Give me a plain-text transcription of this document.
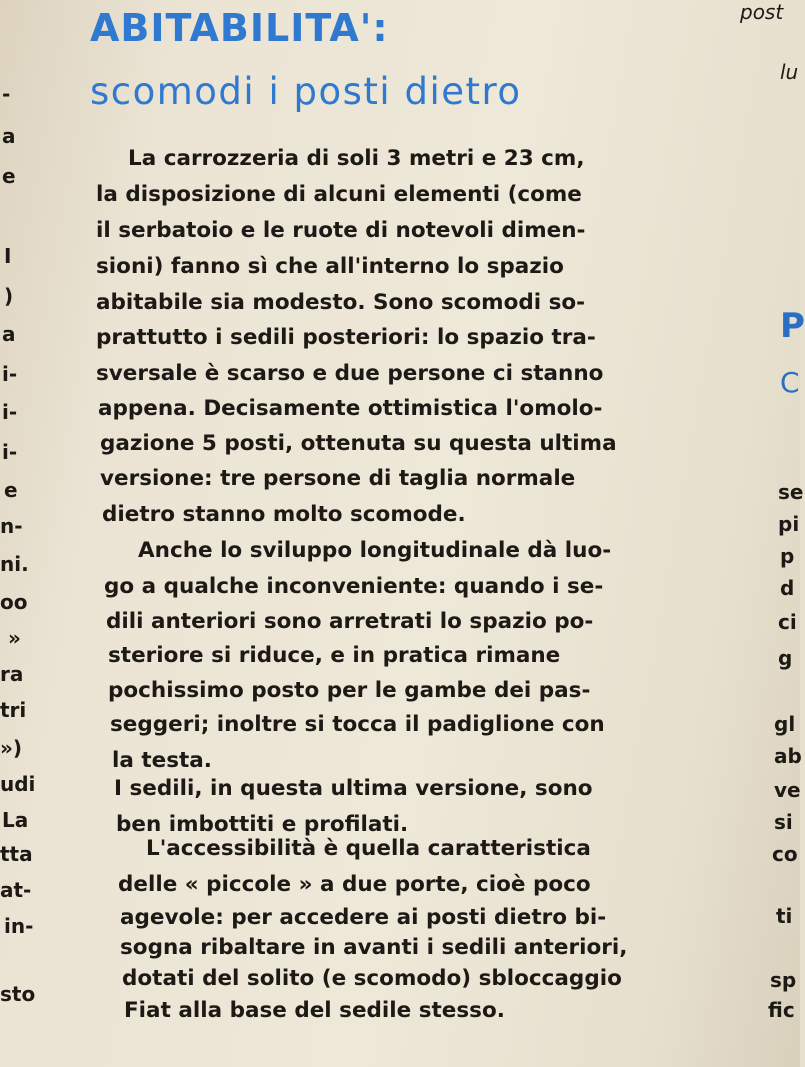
-
a
e
I
)
a
i-
i-
i-
e
n-
ni.
oo
»
ra
tri
»)
udi
La
tta
at-
in-
sto
ABITABILITA':
scomodi i posti dietro
La carrozzeria di soli 3 metri e 23 cm,
la disposizione di alcuni elementi (come
il serbatoio e le ruote di notevoli dimen-
sioni) fanno sì che all'interno lo spazio
abitabile sia modesto. Sono scomodi so-
prattutto i sedili posteriori: lo spazio tra-
sversale è scarso e due persone ci stanno
appena. Decisamente ottimistica l'omolo-
gazione 5 posti, ottenuta su questa ultima
versione: tre persone di taglia normale
dietro stanno molto scomode.
Anche lo sviluppo longitudinale dà luo-
go a qualche inconveniente: quando i se-
dili anteriori sono arretrati lo spazio po-
steriore si riduce, e in pratica rimane
pochissimo posto per le gambe dei pas-
seggeri; inoltre si tocca il padiglione con
la testa.
I sedili, in questa ultima versione, sono
ben imbottiti e profilati.
L'accessibilità è quella caratteristica
delle « piccole » a due porte, cioè poco
agevole: per accedere ai posti dietro bi-
sogna ribaltare in avanti i sedili anteriori,
dotati del solito (e scomodo) sbloccaggio
Fiat alla base del sedile stesso.
post
lu
P
C
se
pi
p
d
ci
g
gl
ab
ve
si
co
ti
sp
fic
